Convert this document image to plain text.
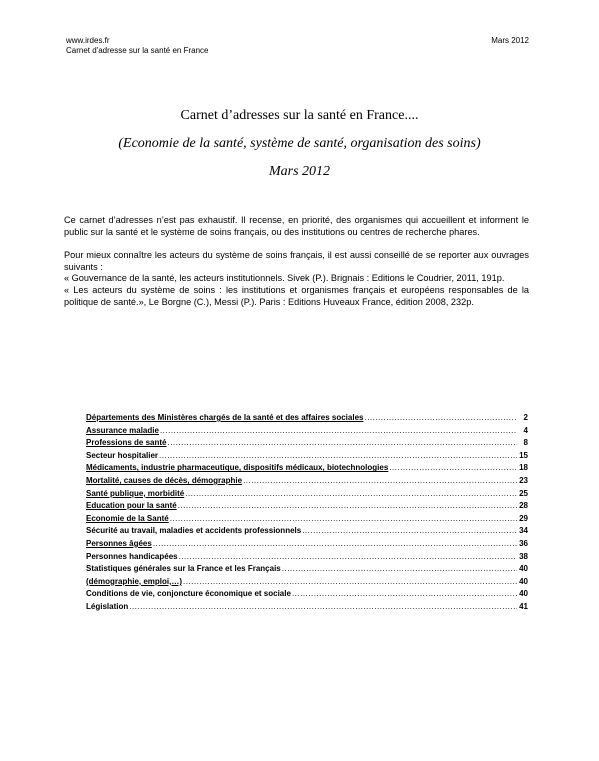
www.irdes.fr
Carnet d'adresse sur la santé en France
Mars 2012
Carnet d’adresses sur la santé en France....
(Economie de la santé, système de santé, organisation des soins)
Mars 2012

Ce carnet d’adresses n’est pas exhaustif. Il recense, en priorité, des organismes qui accueillent et informent le public sur la santé et le système de soins français, ou des institutions ou centres de recherche phares.

Pour mieux connaître les acteurs du système de soins français, il est aussi conseillé de se reporter aux ouvrages suivants :

« Gouvernance de la santé, les acteurs institutionnels. Sivek (P.). Brignais : Editions le Coudrier, 2011, 191p.

« Les acteurs du système de soins : les institutions et organismes français et européens responsables de la politique de santé.», Le Borgne (C.), Messi (P.). Paris : Editions Huveaux France, édition 2008, 232p.

Départements des Ministères chargés de la santé et des affaires sociales .....	2
Assurance maladie .....	4
Professions de santé .....	8
Secteur hospitalier .....	15
Médicaments, industrie pharmaceutique, dispositifs médicaux, biotechnologies .....	18
Mortalité, causes de décès, démographie .....	23
Santé publique, morbidité .....	25
Education pour la santé .....	28
Economie de la Santé .....	29
Sécurité au travail, maladies et accidents professionnels .....	34
Personnes âgées .....	36
Personnes handicapées .....	38
Statistiques générales sur la France et les Français .....	40
(démographie, emploi,…) .....	40
Conditions de vie, conjoncture économique et sociale .....	40
Législation .....	41
